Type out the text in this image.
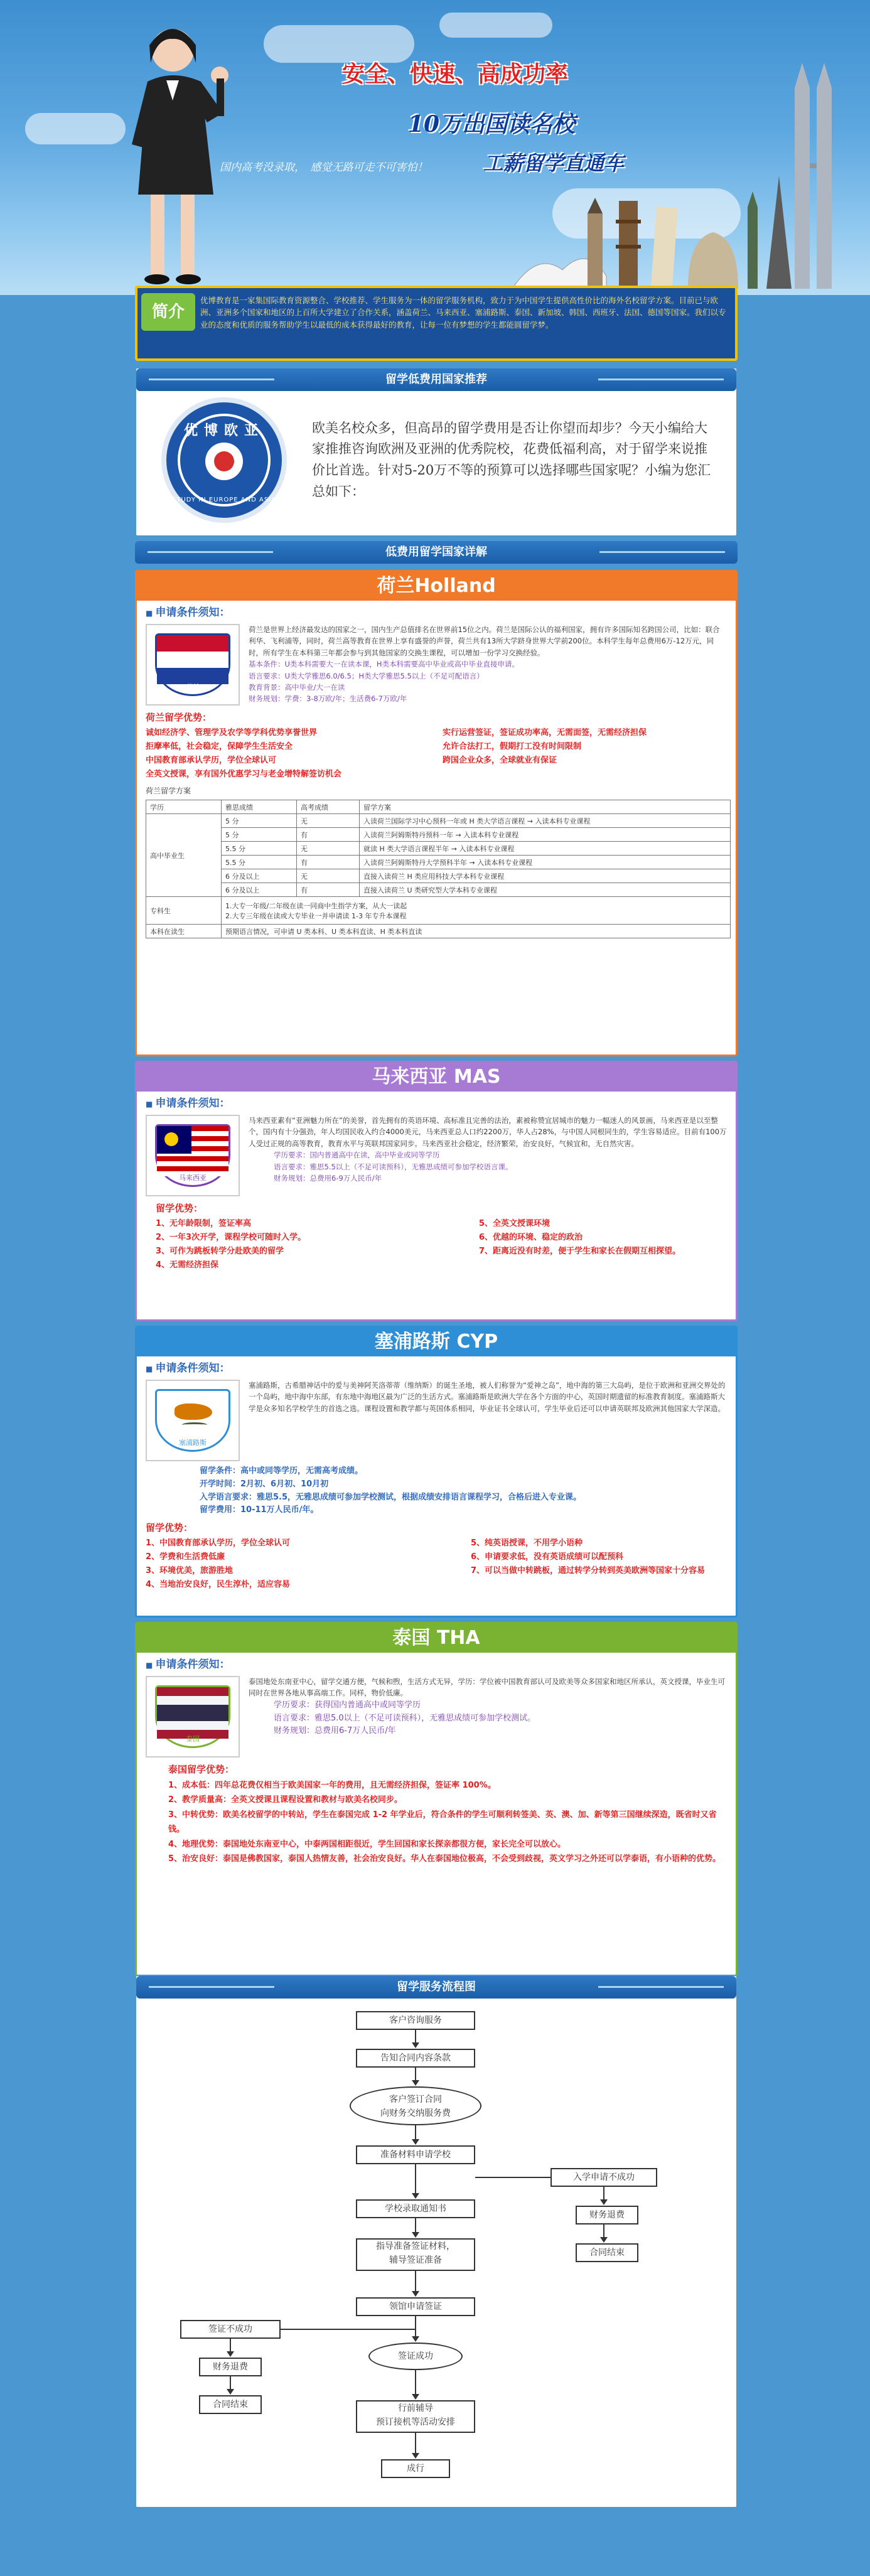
安全、快速、高成功率
10万出国读名校
国内高考没录取，　感觉无路可走不可害怕！	工薪留学直通车
简介
优博教育是一家集国际教育资源整合、学校推荐、学生服务为一体的留学服务机构，致力于为中国学生提供高性价比的海外名校留学方案。目前已与欧洲、亚洲多个国家和地区的上百所大学建立了合作关系，涵盖荷兰、马来西亚、塞浦路斯、泰国、新加坡、韩国、西班牙、法国、德国等国家。我们以专业的态度和优质的服务帮助学生以最低的成本获得最好的教育，让每一位有梦想的学生都能圆留学梦。
留学低费用国家推荐
优博欧亚
STUDY IN EUROPE AND ASIA
欧美名校众多，但高昂的留学费用是否让你望而却步？今天小编给大家推推咨询欧洲及亚洲的优秀院校，花费低福利高，对于留学来说推价比首选。针对5-20万不等的预算可以选择哪些国家呢？小编为您汇总如下：
低费用留学国家详解
荷兰Holland
■ 申请条件须知：
荷兰
荷兰是世界上经济最发达的国家之一，国内生产总值排名在世界前15位之内。荷兰是国际公认的福利国家，拥有许多国际知名跨国公司，比如：联合利华、飞利浦等，同时，荷兰高等教育在世界上享有盛誉的声誉，荷兰共有13所大学跻身世界大学前200位。本科学生每年总费用6万-12万元，同时，所有学生在本科第三年都会参与到其他国家的交换生课程，可以增加一份学习交换经验。
基本条件：U类本科需要大一在读本课，H类本科需要高中毕业或高中毕业直接申请。
语言要求：U类大学雅思6.0/6.5；H类大学雅思5.5以上（不足可配语言）
教育背景：高中毕业/大一在读
财务规划：学费：3-8万欧/年；生活费6-7万欧/年
荷兰留学优势：
诚如经济学、管理学及农学等学科优势享誉世界	实行运营签证，签证成功率高，无需面签，无需经济担保
拒摩率低，社会稳定，保障学生生活安全	允许合法打工，假期打工没有时间限制
中国教育部承认学历，学位全球认可	跨国企业众多，全球就业有保证
全英文授课，享有国外优惠学习与老金增特解签访机会
荷兰留学方案
学历	雅思成绩	高考成绩	留学方案
高中毕业生	5 分	无	入读荷兰国际学习中心预科一年或 H 类大学语言课程 → 入读本科专业课程
	5 分	有	入读荷兰阿姆斯特丹预科一年 → 入读本科专业课程
	5.5 分	无	就读 H 类大学语言课程半年 → 入读本科专业课程
	5.5 分	有	入读荷兰阿姆斯特丹大学预科半年 → 入读本科专业课程
	6 分及以上	无	直接入读荷兰 H 类应用科技大学本科专业课程
	6 分及以上	有	直接入读荷兰 U 类研究型大学本科专业课程
专科生	1.大专一年级/二年级在读一同商中生指学方案，从大一读起
2.大专三年级在读或大专毕业一并申请读 1-3 年专升本课程		
本科在读生	预期语言情况，可申请 U 类本科、U 类本科直读、H 类本科直读		
马来西亚 MAS
■ 申请条件须知：
马来西亚
马来西亚素有“亚洲魅力所在”的美誉，首先拥有的英语环境、高标准且完善的法治，素被称赞宜居城市的魅力一幅迷人的风景画，马来西亚是以至整个，国内有十分强劲，年人均国民收入约合4000美元，马来西亚总人口约2200万，华人占28%，与中国人同根同生的，学生容易适应。目前有100万人受过正规的高等教育，教育水平与英联邦国家同步。马来西亚社会稳定，经济繁荣，治安良好，气候宜和，无自然灾害。
学历要求：国内普通高中在读，高中毕业或同等学历
语言要求：雅思5.5以上（不足可读预科），无雅思成绩可参加学校语言课。
财务规划：总费用6-9万人民币/年
留学优势：
1、无年龄限制，签证率高	5、全英文授课环境
2、一年3次开学，课程学校可随时入学。	6、优越的环境、稳定的政治
3、可作为跳板转学分赴欧美的留学	7、距离近没有时差，便于学生和家长在假期互相探望。
4、无需经济担保
塞浦路斯 CYP
■ 申请条件须知：
塞浦路斯
塞浦路斯，古希腊神话中的爱与美神阿芙洛蒂蒂（维纳斯）的诞生圣地，被人们称誉为“爱神之岛”，地中海的第三大岛屿，是位于欧洲和亚洲交界处的一个岛屿，地中海中东部，有东地中海地区最为广泛的生活方式。塞浦路斯是欧洲大学在各个方面的中心，英国时期遗留的标准教育制度。塞浦路斯大学是众多知名学校学生的首选之选。课程设置和教学都与英国体系相同，毕业证书全球认可，学生毕业后还可以申请英联邦及欧洲其他国家大学深造。
留学条件：高中或同等学历，无需高考成绩。
开学时间：2月初、6月初、10月初
入学语言要求：雅思5.5，无雅思成绩可参加学校测试，根据成绩安排语言课程学习，合格后进入专业课。
留学费用：10-11万人民币/年。
留学优势：
1、中国教育部承认学历，学位全球认可	5、纯英语授课，不用学小语种
2、学费和生活费低廉	6、申请要求低，没有英语成绩可以配预科
3、环境优美，旅游胜地	7、可以当做中转跳板，通过转学分转到英美欧洲等国家十分容易
4、当地治安良好，民生淳朴，适应容易
泰国 THA
■ 申请条件须知：
泰国
泰国地处东南亚中心，留学交通方便，气候和煦，生活方式无异，学历：学位被中国教育部认可及欧美等众多国家和地区所承认，英文授课，毕业生可同时在世界各地从事高端工作。同样，物价低廉。
学历要求：获得国内普通高中或同等学历
语言要求：雅思5.0以上（不足可读预科），无雅思成绩可参加学校测试。
财务规划：总费用6-7万人民币/年
泰国留学优势：
1、成本低：四年总花费仅相当于欧美国家一年的费用，且无需经济担保，签证率 100%。
2、教学质量高：全英文授课且课程设置和教材与欧美名校同步。
3、中转优势：欧美名校留学的中转站，学生在泰国完成 1-2 年学业后，符合条件的学生可顺利转签美、英、澳、加、新等第三国继续深造，既省时又省钱。
4、地理优势：泰国地处东南亚中心，中泰两国相距很近，学生回国和家长探亲都很方便，家长完全可以放心。
5、治安良好：泰国是佛教国家，泰国人热情友善，社会治安良好。华人在泰国地位极高，不会受到歧视，英文学习之外还可以学泰语，有小语种的优势。
留学服务流程图
客户咨询服务
告知合同内容条款
客户签订合同
向财务交纳服务费
准备材料申请学校
入学申请不成功
财务退费
合同结束
学校录取通知书
指导准备签证材料，
辅导签证准备
领馆申请签证
签证不成功
财务退费
合同结束
签证成功
行前辅导
预订接机等活动安排
成行
